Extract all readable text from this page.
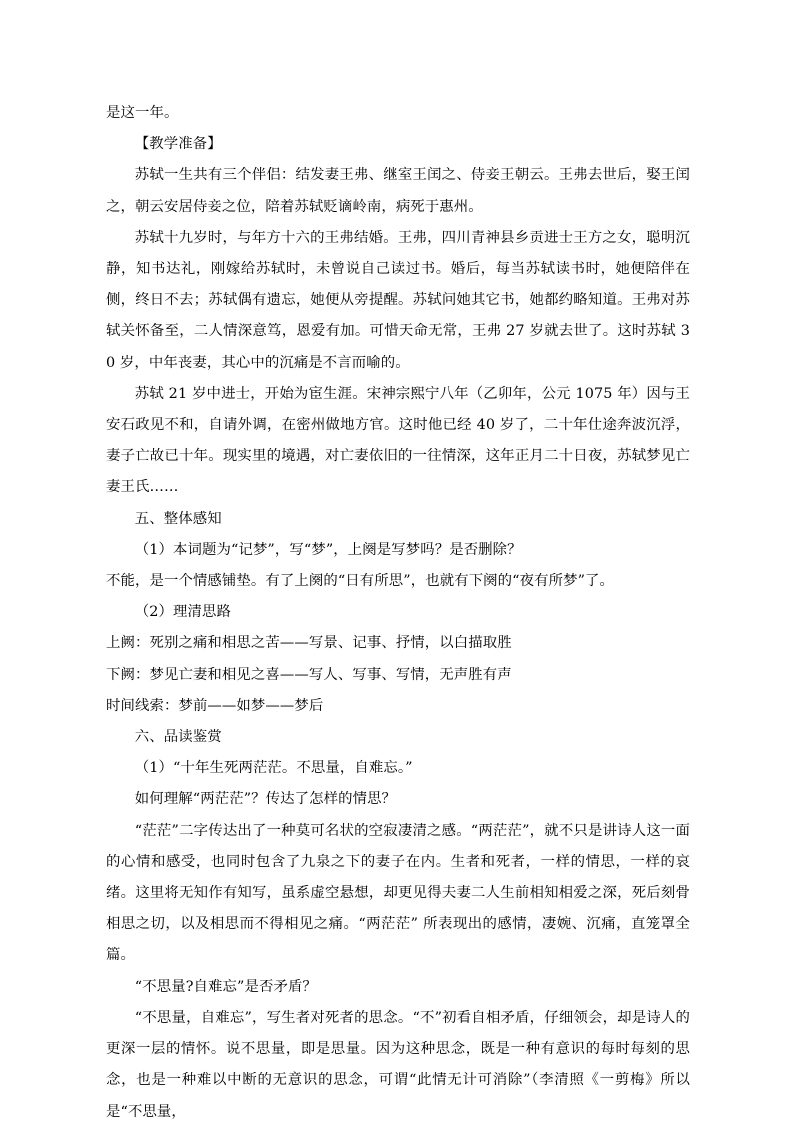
是这一年。

【教学准备】

苏轼一生共有三个伴侣：结发妻王弗、继室王闰之、侍妾王朝云。王弗去世后，娶王闰之，朝云安居侍妾之位，陪着苏轼贬谪岭南，病死于惠州。

苏轼十九岁时，与年方十六的王弗结婚。王弗，四川青神县乡贡进士王方之女，聪明沉静，知书达礼，刚嫁给苏轼时，未曾说自己读过书。婚后，每当苏轼读书时，她便陪伴在侧，终日不去；苏轼偶有遗忘，她便从旁提醒。苏轼问她其它书，她都约略知道。王弗对苏轼关怀备至，二人情深意笃，恩爱有加。可惜天命无常，王弗 27 岁就去世了。这时苏轼 30 岁，中年丧妻，其心中的沉痛是不言而喻的。

苏轼 21 岁中进士，开始为宦生涯。宋神宗熙宁八年（乙卯年，公元 1075 年）因与王安石政见不和，自请外调，在密州做地方官。这时他已经 40 岁了，二十年仕途奔波沉浮，妻子亡故已十年。现实里的境遇，对亡妻依旧的一往情深，这年正月二十日夜，苏轼梦见亡妻王氏……

五、整体感知

（1）本词题为“记梦”，写“梦”，上阕是写梦吗？是否删除？

不能，是一个情感铺垫。有了上阕的“日有所思”，也就有下阕的“夜有所梦”了。

（2）理清思路

上阙：死别之痛和相思之苦——写景、记事、抒情，以白描取胜

下阙：梦见亡妻和相见之喜——写人、写事、写情，无声胜有声

时间线索：梦前——如梦——梦后

六、品读鉴赏

（1）“十年生死两茫茫。不思量，自难忘。”

如何理解“两茫茫”？传达了怎样的情思？

“茫茫”二字传达出了一种莫可名状的空寂凄清之感。“两茫茫”，就不只是讲诗人这一面的心情和感受，也同时包含了九泉之下的妻子在内。生者和死者，一样的情思，一样的哀绪。这里将无知作有知写，虽系虚空悬想，却更见得夫妻二人生前相知相爱之深，死后刻骨相思之切，以及相思而不得相见之痛。“两茫茫” 所表现出的感情，凄婉、沉痛，直笼罩全篇。

“不思量?自难忘”是否矛盾？

“不思量，自难忘”，写生者对死者的思念。“不”初看自相矛盾，仔细领会，却是诗人的更深一层的情怀。说不思量，即是思量。因为这种思念，既是一种有意识的每时每刻的思念，也是一种难以中断的无意识的思念，可谓“此情无计可消除”（李清照《一剪梅》所以是“不思量，
